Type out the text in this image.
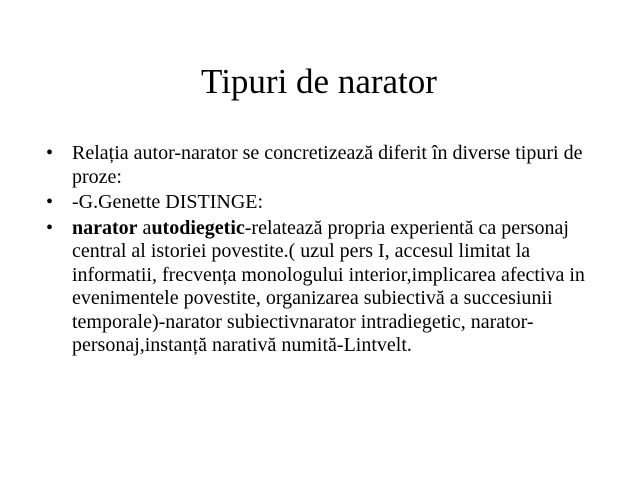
Tipuri de narator
• Relația autor-narator se concretizează diferit în diverse tipuri de proze:
• -G.Genette DISTINGE:
• narator autodiegetic-relatează propria experientă ca personaj central al istoriei povestite.( uzul pers I, accesul limitat la informatii, frecvența monologului interior,implicarea afectiva in evenimentele povestite, organizarea subiectivă a succesiunii temporale)-narator subiectivnarator intradiegetic, narator-personaj,instanță narativă numită-Lintvelt.
